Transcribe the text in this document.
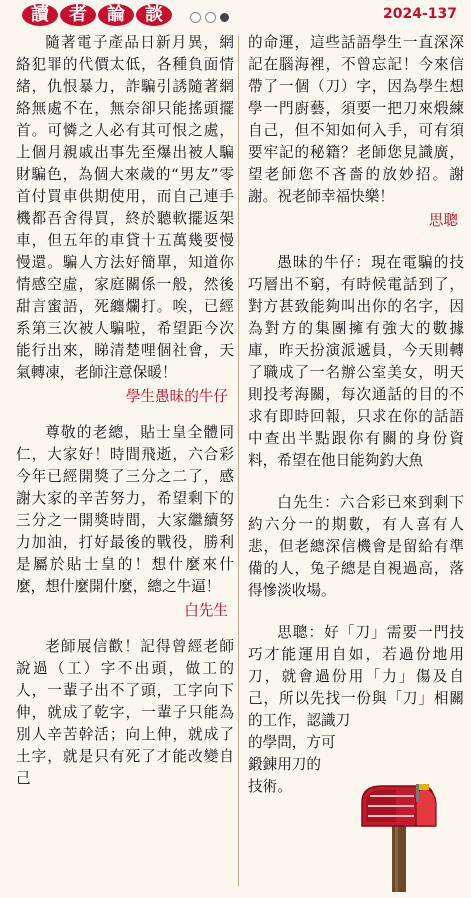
讀	者	論	談	2024-137

隨著電子產品日新月異，網絡犯罪的代價太低，各種負面情緒，仇恨暴力，詐騙引誘隨著網絡無處不在，無奈卻只能搖頭擺首。可憐之人必有其可恨之處，上個月親戚出事先至爆出被人騙財騙色，為個大來歲的“男友”零首付買車供期使用，而自己連手機都吾舍得買，終於聽軟擺返架車，但五年的車貸十五萬幾要慢慢還。騙人方法好簡單，知道你情感空虛，家庭關係一般，然後甜言蜜語，死纏爛打。唉，已經系第三次被人騙啦，希望距今次能行出來，睇清楚哩個社會，天氣轉凍，老師注意保暖！

學生愚昧的牛仔

尊敬的老總，貼士皇全體同仁，大家好！時間飛逝，六合彩今年已經開獎了三分之二了，感謝大家的辛苦努力，希望剩下的三分之一開獎時間，大家繼續努力加油，打好最後的戰役，勝利是屬於貼士皇的！想什麼來什麼，想什麼開什麼，總之牛逼！

白先生

老師展信歡！記得曾經老師說過（工）字不出頭，做工的人，一輩子出不了頭，工字向下伸，就成了乾字，一輩子只能為別人辛苦幹活；向上伸，就成了土字，就是只有死了才能改變自己

的命運，這些話語學生一直深深記在腦海裡，不曾忘記！今來信帶了一個（刀）字，因為學生想學一門廚藝，須要一把刀來煅練自己，但不知如何入手，可有須要牢記的秘籍？老師您見識廣，望老師您不吝嗇的放妙招。謝謝。祝老師幸福快樂！

思聰

愚昧的牛仔：現在電騙的技巧層出不窮，有時候電話到了，對方甚致能夠叫出你的名字，因為對方的集團擁有強大的數據庫，昨天扮演派遞員，今天則轉了職成了一名辦公室美女，明天則投考海關，每次通話的目的不求有即時回報，只求在你的話語中查出半點跟你有關的身份資料，希望在他日能夠釣大魚

白先生：六合彩已來到剩下約六分一的期數，有人喜有人悲，但老總深信機會是留給有準備的人，兔子總是自視過高，落得慘淡收場。

思聰：好「刀」需要一門技巧才能運用自如，若過份地用刀，就會過份用「力」傷及自己，所以先找一份與「刀」相關的工作，認識刀
的學問，方可
鍛錬用刀的
技術。
